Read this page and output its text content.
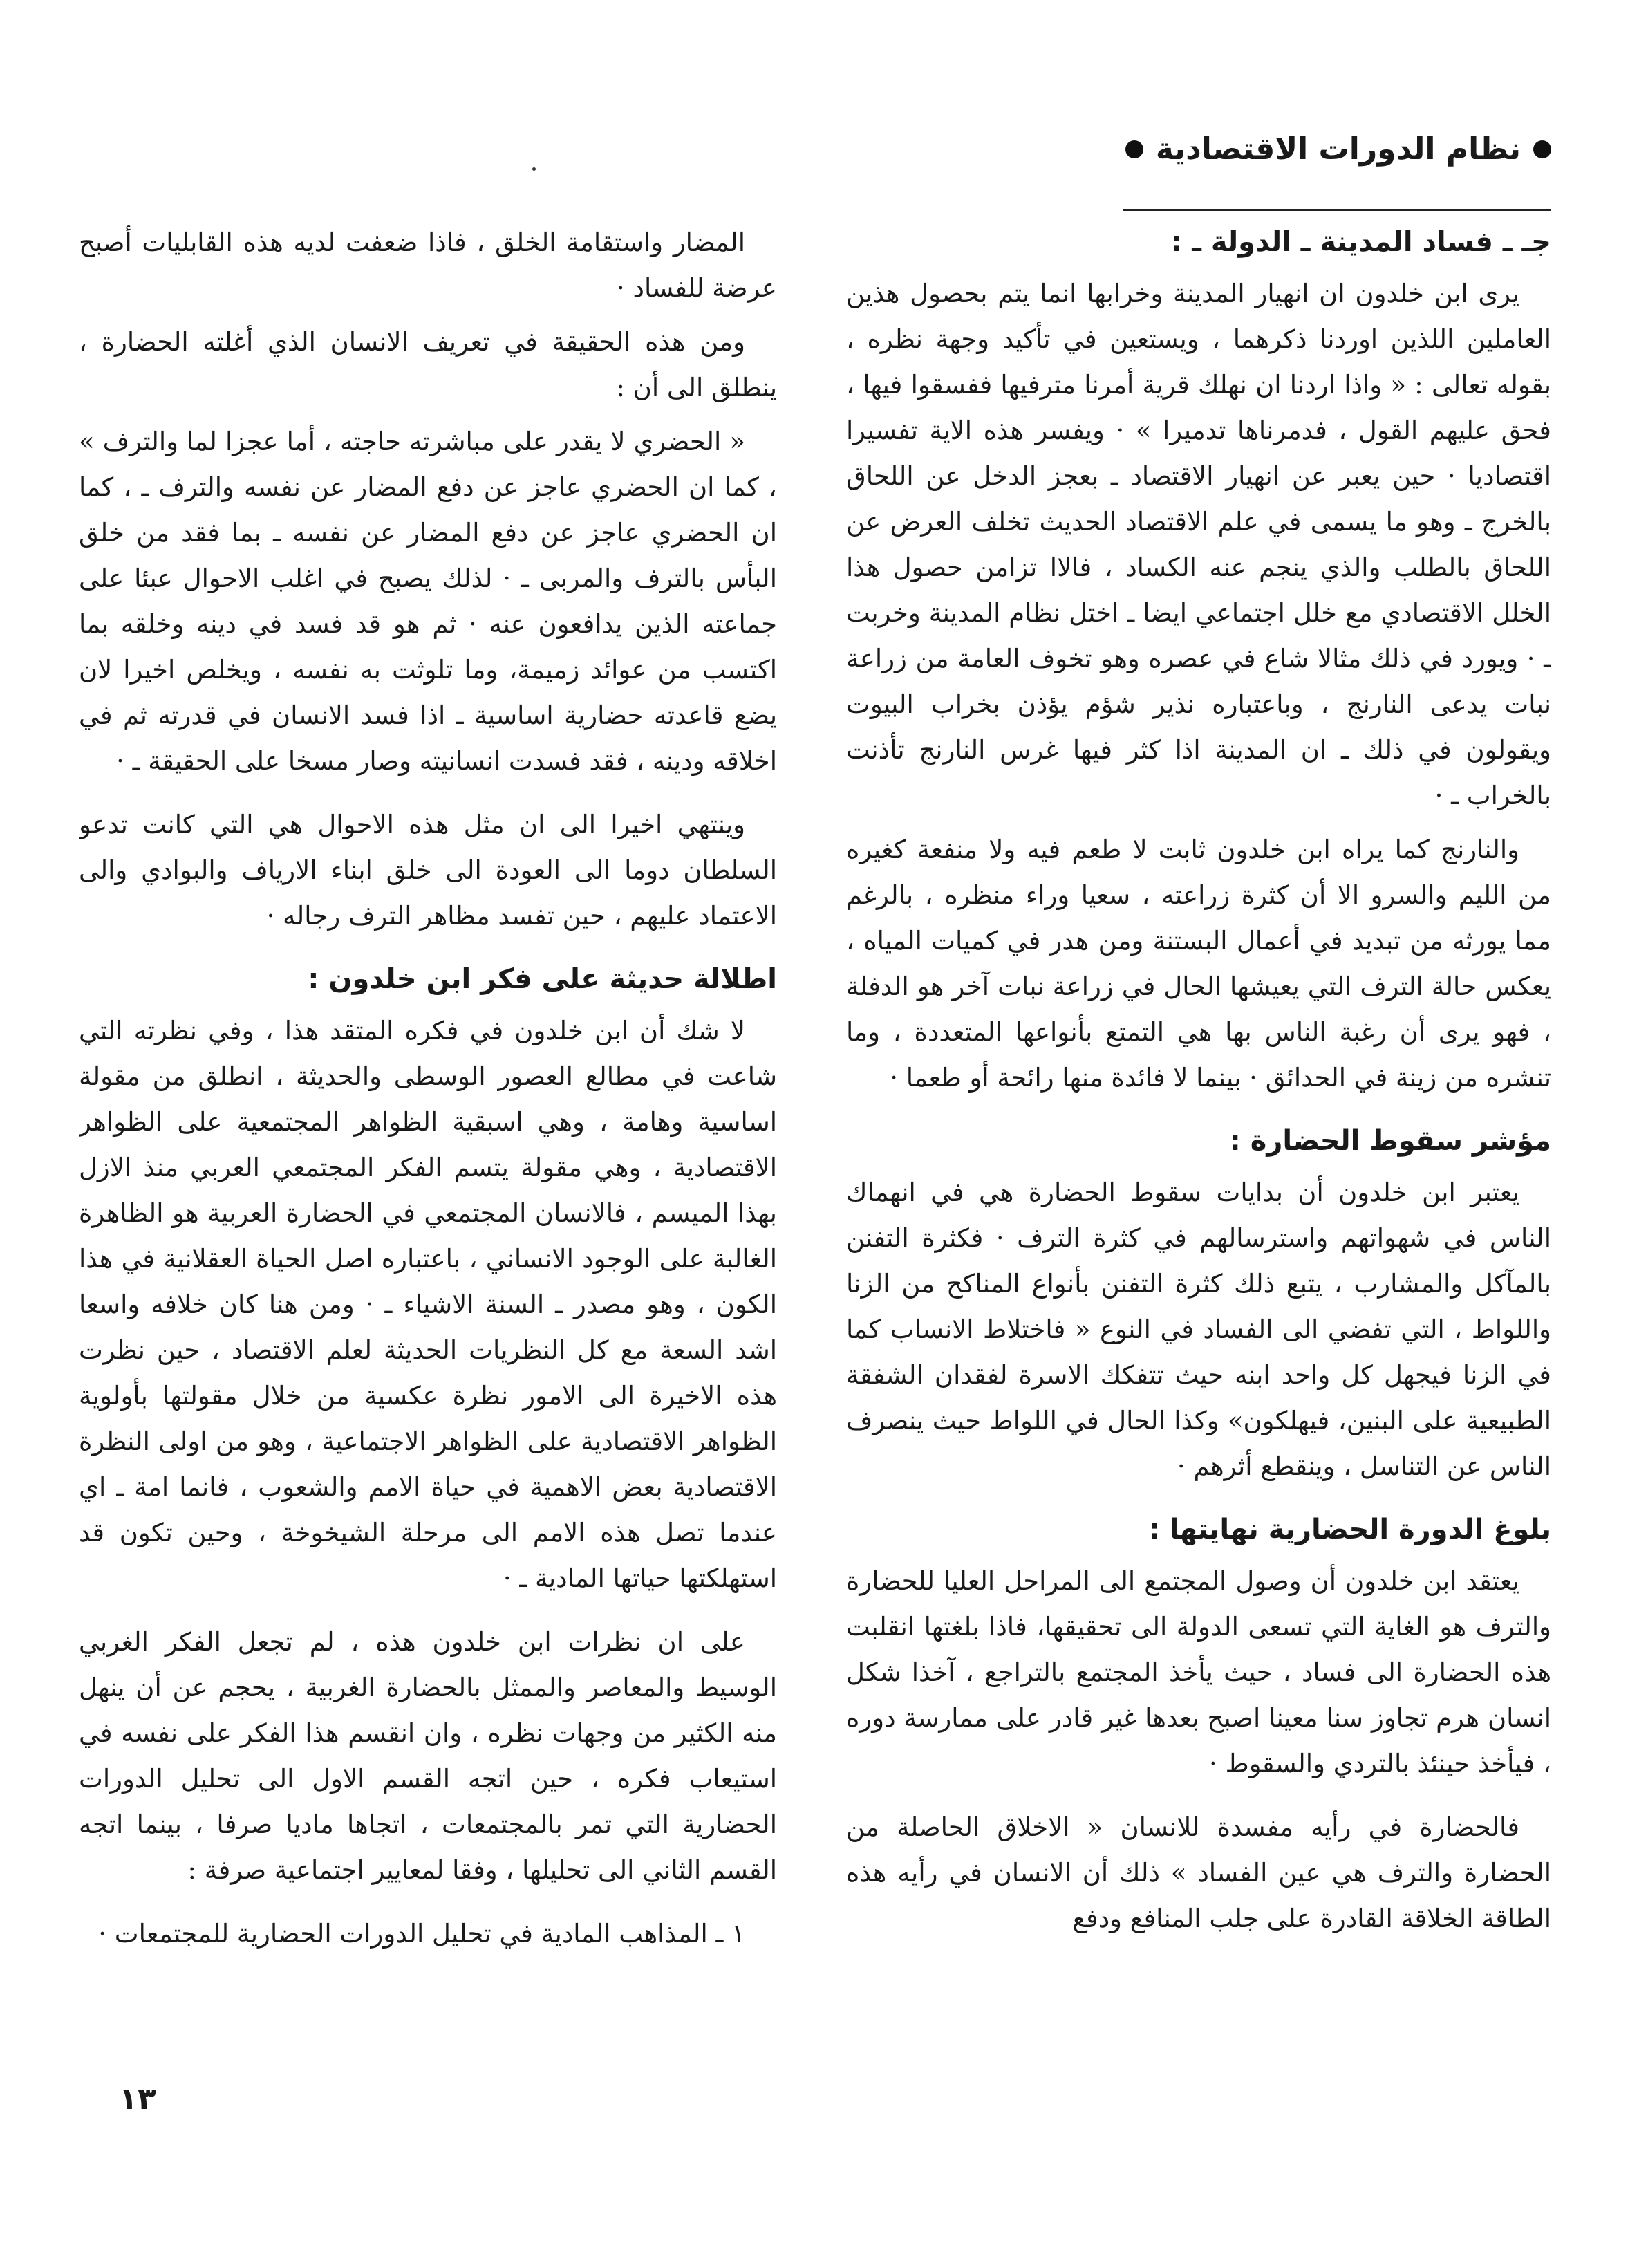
نظام الدورات الاقتصادية
جـ ـ فساد المدينة ـ الدولة ـ :

يرى ابن خلدون ان انهيار المدينة وخرابها انما يتم بحصول هذين العاملين اللذين اوردنا ذكرهما ، ويستعين في تأكيد وجهة نظره ، بقوله تعالى : « واذا اردنا ان نهلك قرية أمرنا مترفيها ففسقوا فيها ، فحق عليهم القول ، فدمرناها تدميرا » · ويفسر هذه الاية تفسيرا اقتصاديا · حين يعبر عن انهيار الاقتصاد ـ بعجز الدخل عن اللحاق بالخرج ـ وهو ما يسمى في علم الاقتصاد الحديث تخلف العرض عن اللحاق بالطلب والذي ينجم عنه الكساد ، فالاا تزامن حصول هذا الخلل الاقتصادي مع خلل اجتماعي ايضا ـ اختل نظام المدينة وخربت ـ · ويورد في ذلك مثالا شاع في عصره وهو تخوف العامة من زراعة نبات يدعى النارنج ، وباعتباره نذير شؤم يؤذن بخراب البيوت ويقولون في ذلك ـ ان المدينة اذا كثر فيها غرس النارنج تأذنت بالخراب ـ ·

والنارنج كما يراه ابن خلدون ثابت لا طعم فيه ولا منفعة كغيره من الليم والسرو الا أن كثرة زراعته ، سعيا وراء منظره ، بالرغم مما يورثه من تبديد في أعمال البستنة ومن هدر في كميات المياه ، يعكس حالة الترف التي يعيشها الحال في زراعة نبات آخر هو الدفلة ، فهو يرى أن رغبة الناس بها هي التمتع بأنواعها المتعددة ، وما تنشره من زينة في الحدائق · بينما لا فائدة منها رائحة أو طعما ·

مؤشر سقوط الحضارة :

يعتبر ابن خلدون أن بدايات سقوط الحضارة هي في انهماك الناس في شهواتهم واسترسالهم في كثرة الترف · فكثرة التفنن بالمآكل والمشارب ، يتبع ذلك كثرة التفنن بأنواع المناكح من الزنا واللواط ، التي تفضي الى الفساد في النوع « فاختلاط الانساب كما في الزنا فيجهل كل واحد ابنه حيث تتفكك الاسرة لفقدان الشفقة الطبيعية على البنين، فيهلكون» وكذا الحال في اللواط حيث ينصرف الناس عن التناسل ، وينقطع أثرهم ·

بلوغ الدورة الحضارية نهايتها :

يعتقد ابن خلدون أن وصول المجتمع الى المراحل العليا للحضارة والترف هو الغاية التي تسعى الدولة الى تحقيقها، فاذا بلغتها انقلبت هذه الحضارة الى فساد ، حيث يأخذ المجتمع بالتراجع ، آخذا شكل انسان هرم تجاوز سنا معينا اصبح بعدها غير قادر على ممارسة دوره ، فيأخذ حينئذ بالتردي والسقوط ·

فالحضارة في رأيه مفسدة للانسان « الاخلاق الحاصلة من الحضارة والترف هي عين الفساد » ذلك أن الانسان في رأيه هذه الطاقة الخلاقة القادرة على جلب المنافع ودفع

المضار واستقامة الخلق ، فاذا ضعفت لديه هذه القابليات أصبح عرضة للفساد ·

ومن هذه الحقيقة في تعريف الانسان الذي أغلته الحضارة ، ينطلق الى أن :

« الحضري لا يقدر على مباشرته حاجته ، أما عجزا لما والترف » ، كما ان الحضري عاجز عن دفع المضار عن نفسه والترف ـ ، كما ان الحضري عاجز عن دفع المضار عن نفسه ـ بما فقد من خلق البأس بالترف والمربى ـ · لذلك يصبح في اغلب الاحوال عبئا على جماعته الذين يدافعون عنه · ثم هو قد فسد في دينه وخلقه بما اكتسب من عوائد زميمة، وما تلوثت به نفسه ، ويخلص اخيرا لان يضع قاعدته حضارية اساسية ـ اذا فسد الانسان في قدرته ثم في اخلاقه ودينه ، فقد فسدت انسانيته وصار مسخا على الحقيقة ـ ·

وينتهي اخيرا الى ان مثل هذه الاحوال هي التي كانت تدعو السلطان دوما الى العودة الى خلق ابناء الارياف والبوادي والى الاعتماد عليهم ، حين تفسد مظاهر الترف رجاله ·

اطلالة حديثة على فكر ابن خلدون :

لا شك أن ابن خلدون في فكره المتقد هذا ، وفي نظرته التي شاعت في مطالع العصور الوسطى والحديثة ، انطلق من مقولة اساسية وهامة ، وهي اسبقية الظواهر المجتمعية على الظواهر الاقتصادية ، وهي مقولة يتسم الفكر المجتمعي العربي منذ الازل بهذا الميسم ، فالانسان المجتمعي في الحضارة العربية هو الظاهرة الغالبة على الوجود الانساني ، باعتباره اصل الحياة العقلانية في هذا الكون ، وهو مصدر ـ السنة الاشياء ـ · ومن هنا كان خلافه واسعا اشد السعة مع كل النظريات الحديثة لعلم الاقتصاد ، حين نظرت هذه الاخيرة الى الامور نظرة عكسية من خلال مقولتها بأولوية الظواهر الاقتصادية على الظواهر الاجتماعية ، وهو من اولى النظرة الاقتصادية بعض الاهمية في حياة الامم والشعوب ، فانما امة ـ اي عندما تصل هذه الامم الى مرحلة الشيخوخة ، وحين تكون قد استهلكتها حياتها المادية ـ ·

على ان نظرات ابن خلدون هذه ، لم تجعل الفكر الغربي الوسيط والمعاصر والممثل بالحضارة الغربية ، يحجم عن أن ينهل منه الكثير من وجهات نظره ، وان انقسم هذا الفكر على نفسه في استيعاب فكره ، حين اتجه القسم الاول الى تحليل الدورات الحضارية التي تمر بالمجتمعات ، اتجاها ماديا صرفا ، بينما اتجه القسم الثاني الى تحليلها ، وفقا لمعايير اجتماعية صرفة :

١ ـ المذاهب المادية في تحليل الدورات الحضارية للمجتمعات ·

١٣
